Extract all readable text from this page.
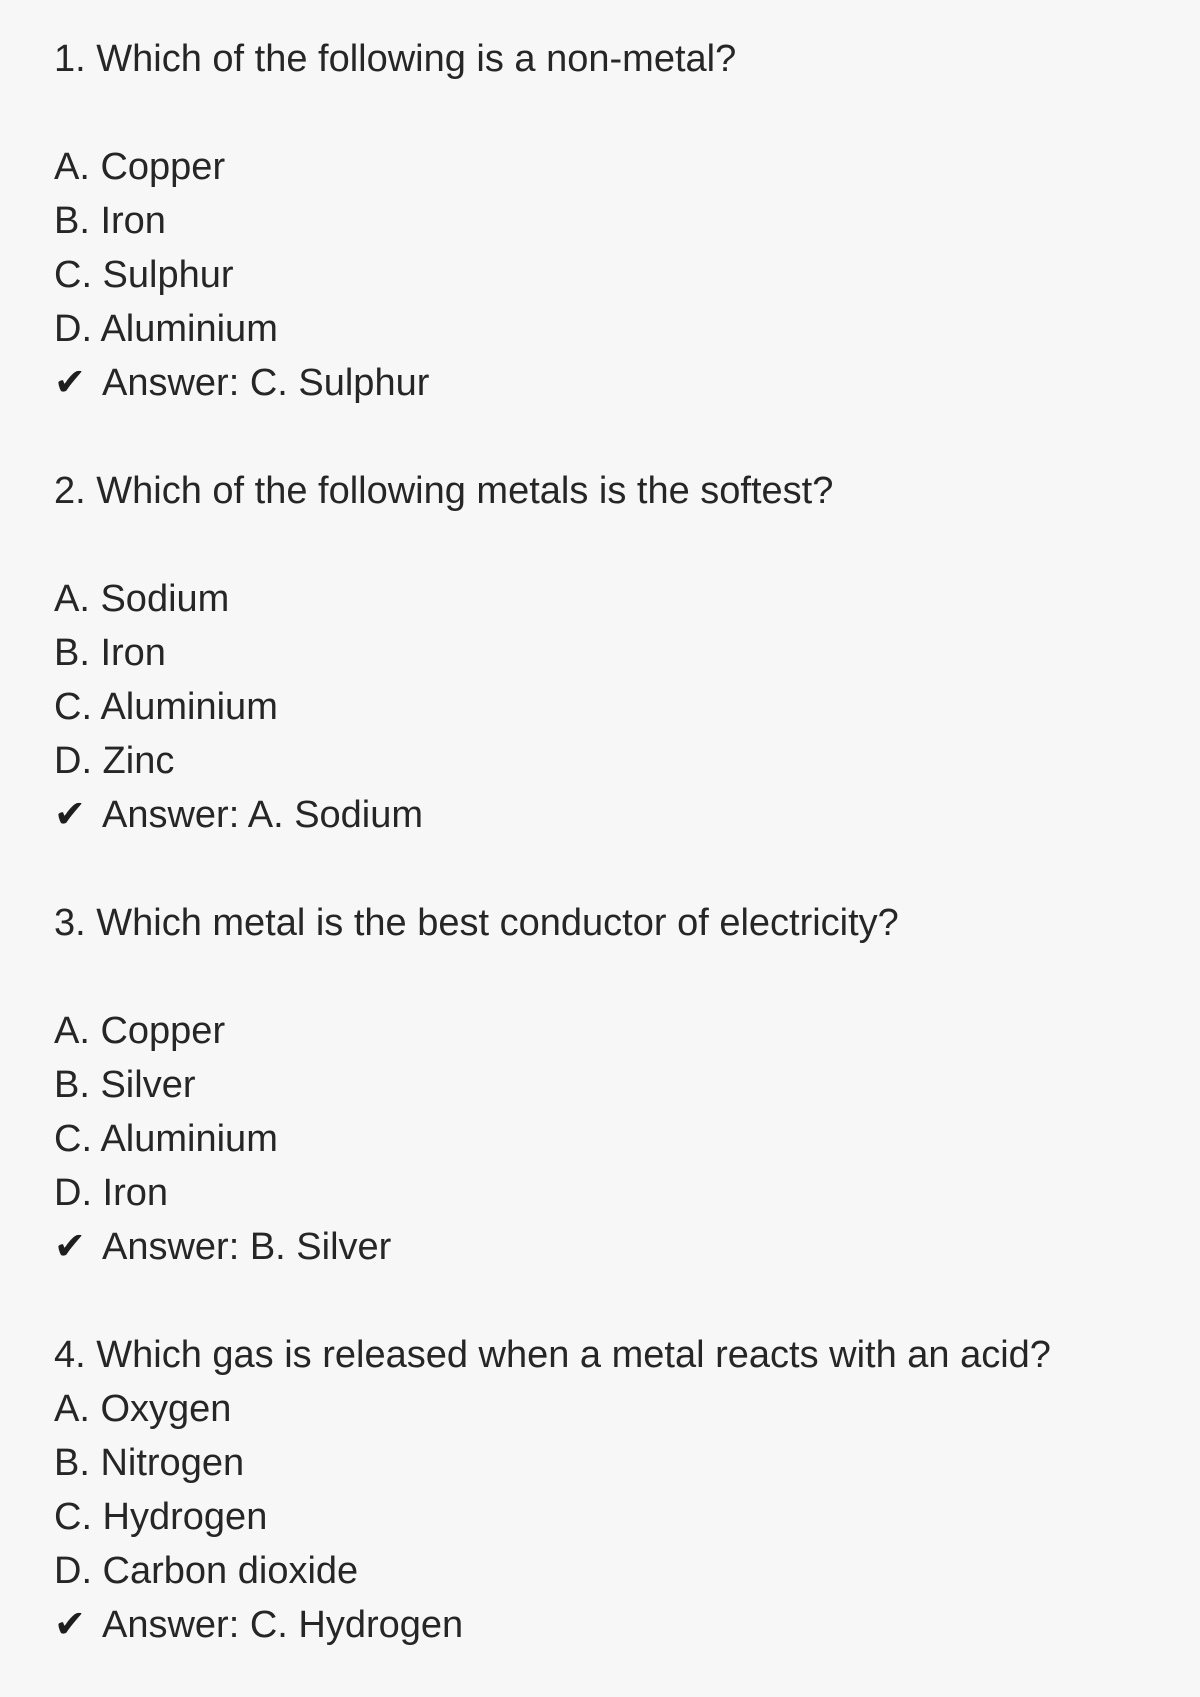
1. Which of the following is a non-metal?
A. Copper
B. Iron
C. Sulphur
D. Aluminium
✔ Answer: C. Sulphur
2. Which of the following metals is the softest?
A. Sodium
B. Iron
C. Aluminium
D. Zinc
✔ Answer: A. Sodium
3. Which metal is the best conductor of electricity?
A. Copper
B. Silver
C. Aluminium
D. Iron
✔ Answer: B. Silver
4. Which gas is released when a metal reacts with an acid?
A. Oxygen
B. Nitrogen
C. Hydrogen
D. Carbon dioxide
✔ Answer: C. Hydrogen
